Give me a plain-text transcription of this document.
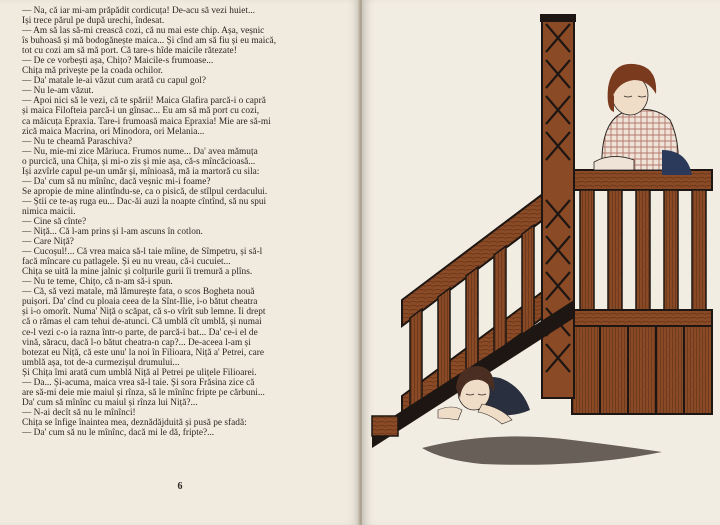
— Na, că iar mi-am prăpădit cordicuța! De-acu să vezi huiet...
Își trece părul pe după urechi, îndesat.
— Am să las să-mi crească cozi, că nu mai este chip. Așa, veșnic
îs buhoasă și mă bodogănește maica... Și cînd am să fiu și eu maică,
tot cu cozi am să mă port. Că tare-s hîde maicile rătezate!
— De ce vorbești așa, Chițo? Maicile-s frumoase...
Chița mă privește pe la coada ochilor.
— Da' matale le-ai văzut cum arată cu capul gol?
— Nu le-am văzut.
— Apoi nici să le vezi, că te spării! Maica Glafira parcă-i o capră
și maica Filofteia parcă-i un gînsac... Eu am să mă port cu cozi,
ca măicuța Epraxia. Tare-i frumoasă maica Epraxia! Mie are să-mi
zică maica Macrina, ori Minodora, ori Melania...
— Nu te cheamă Paraschiva?
— Nu, mie-mi zice Măriuca. Frumos nume... Da' avea mămuța
o purcică, una Chița, și mi-o zis și mie așa, că-s mîncăcioasă...
Își azvîrle capul pe-un umăr și, mînioasă, mă ia martoră cu sila:
— Da' cum să nu mînînc, dacă veșnic mi-i foame?
Se apropie de mine alintîndu-se, ca o pisică, de stîlpul cerdacului.
— Știi ce te-aș ruga eu... Dac-ăi auzi la noapte cîntînd, să nu spui
nimica maicii.
— Cine să cînte?
— Niță... Că l-am prins și l-am ascuns în cotlon.
— Care Niță?
— Cucoșul!... Că vrea maica să-l taie mîine, de Sîmpetru, și să-l
facă mîncare cu patlagele. Și eu nu vreau, că-i cucuiet...
Chița se uită la mine jalnic și colțurile gurii îi tremură a plîns.
— Nu te teme, Chițo, că n-am să-i spun.
— Că, să vezi matale, mă lămurește fata, o scos Bogheta nouă
puișori. Da' cînd cu ploaia ceea de la Sînt-Ilie, i-o bătut cheatra
și i-o omorît. Numa' Niță o scăpat, că s-o vîrît sub lemne. Îi drept
că o rămas el cam tehui de-atunci. Că umblă cît umblă, și numai
ce-l vezi c-o ia razna într-o parte, de parcă-i bat... Da' ce-i el de
vină, săracu, dacă l-o bătut cheatra-n cap?... De-aceea l-am și
botezat eu Niță, că este unu' la noi în Filioara, Niță a' Petrei, care
umblă așa, tot de-a curmezișul drumului...
Și Chița îmi arată cum umblă Niță al Petrei pe ulițele Filioarei.
— Da... Și-acuma, maica vrea să-l taie. Și sora Frăsina zice că
are să-mi deie mie maiul și rînza, să le mînînc fripte pe cărbuni...
Da' cum să mînînc cu maiul și rînza lui Niță?...
— N-ai decît să nu le mînînci!
Chița se înfige înaintea mea, deznădăjduită și pusă pe sfadă:
— Da' cum să nu le mînînc, dacă mi le dă, fripte?...
6
